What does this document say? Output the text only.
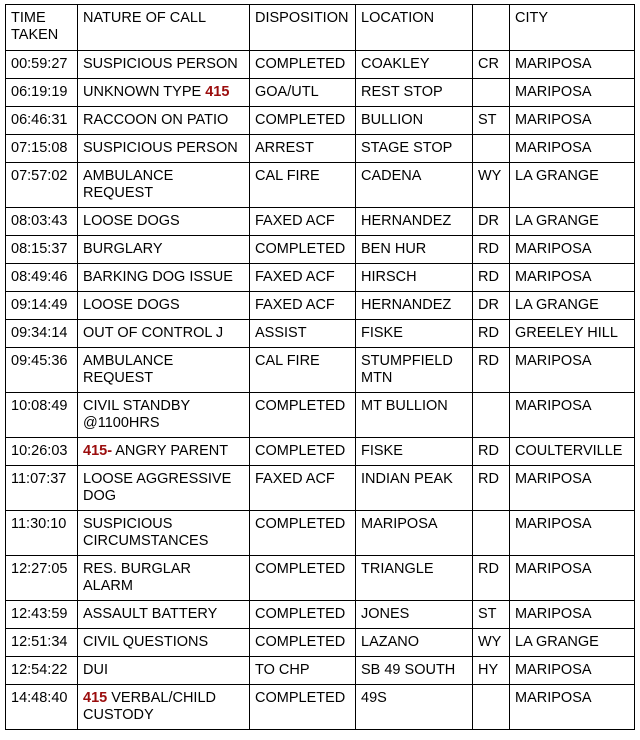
TIME
TAKEN	NATURE OF CALL	DISPOSITION	LOCATION		CITY
00:59:27	SUSPICIOUS PERSON	COMPLETED	COAKLEY	CR	MARIPOSA
06:19:19	UNKNOWN TYPE 415	GOA/UTL	REST STOP		MARIPOSA
06:46:31	RACCOON ON PATIO	COMPLETED	BULLION	ST	MARIPOSA
07:15:08	SUSPICIOUS PERSON	ARREST	STAGE STOP		MARIPOSA
07:57:02	AMBULANCE
REQUEST	CAL FIRE	CADENA	WY	LA GRANGE
08:03:43	LOOSE DOGS	FAXED ACF	HERNANDEZ	DR	LA GRANGE
08:15:37	BURGLARY	COMPLETED	BEN HUR	RD	MARIPOSA
08:49:46	BARKING DOG ISSUE	FAXED ACF	HIRSCH	RD	MARIPOSA
09:14:49	LOOSE DOGS	FAXED ACF	HERNANDEZ	DR	LA GRANGE
09:34:14	OUT OF CONTROL J	ASSIST	FISKE	RD	GREELEY HILL
09:45:36	AMBULANCE
REQUEST	CAL FIRE	STUMPFIELD
MTN	RD	MARIPOSA
10:08:49	CIVIL STANDBY
@1100HRS	COMPLETED	MT BULLION		MARIPOSA
10:26:03	415- ANGRY PARENT	COMPLETED	FISKE	RD	COULTERVILLE
11:07:37	LOOSE AGGRESSIVE
DOG	FAXED ACF	INDIAN PEAK	RD	MARIPOSA
11:30:10	SUSPICIOUS
CIRCUMSTANCES	COMPLETED	MARIPOSA		MARIPOSA
12:27:05	RES. BURGLAR
ALARM	COMPLETED	TRIANGLE	RD	MARIPOSA
12:43:59	ASSAULT BATTERY	COMPLETED	JONES	ST	MARIPOSA
12:51:34	CIVIL QUESTIONS	COMPLETED	LAZANO	WY	LA GRANGE
12:54:22	DUI	TO CHP	SB 49 SOUTH	HY	MARIPOSA
14:48:40	415 VERBAL/CHILD
CUSTODY	COMPLETED	49S		MARIPOSA
